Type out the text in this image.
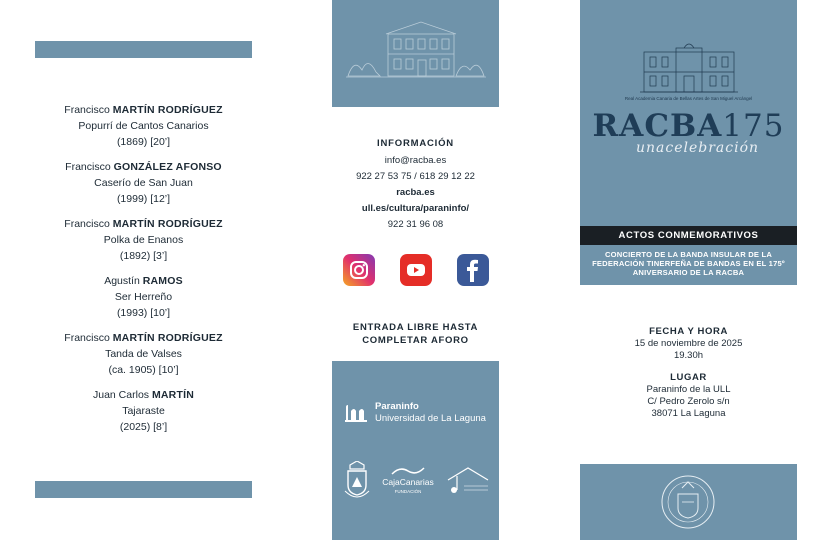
Francisco MARTÍN RODRÍGUEZ
Popurrí de Cantos Canarios
(1869) [20’]
Francisco GONZÁLEZ AFONSO
Caserío de San Juan
(1999) [12’]
Francisco MARTÍN RODRÍGUEZ
Polka de Enanos
(1892) [3’]
Agustín RAMOS
Ser Herreño
(1993) [10’]
Francisco MARTÍN RODRÍGUEZ
Tanda de Valses
(ca. 1905) [10’]
Juan Carlos MARTÍN
Tajaraste
(2025) [8’]
INFORMACIÓN
info@racba.es
922 27 53 75 / 618 29 12 22
racba.es
ull.es/cultura/paraninfo/
922 31 96 08
ENTRADA LIBRE HASTA
COMPLETAR AFORO
Paraninfo
Universidad de La Laguna
CajaCanarias
FUNDACIÓN
Real Academia Canaria de Bellas Artes de San Miguel Arcángel
RACBA175
unacelebración
ACTOS CONMEMORATIVOS
CONCIERTO DE LA BANDA INSULAR DE LA
FEDERACIÓN TINERFEÑA DE BANDAS EN EL 175º
ANIVERSARIO DE LA RACBA
FECHA Y HORA
15 de noviembre de 2025
19.30h
LUGAR
Paraninfo de la ULL
C/ Pedro Zerolo s/n
38071 La Laguna
